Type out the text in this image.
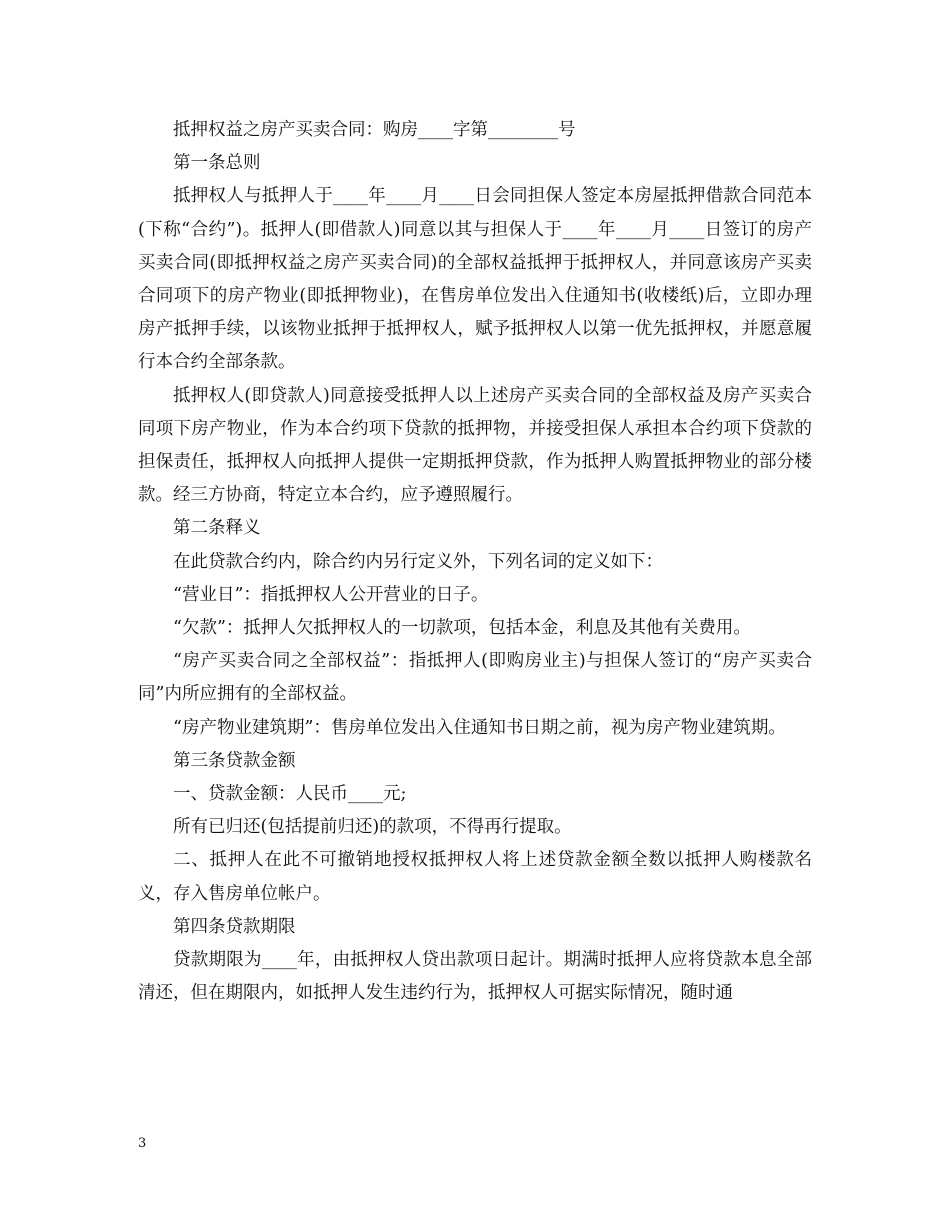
抵押权益之房产买卖合同：购房____字第________号

第一条总则

抵押权人与抵押人于____年____月____日会同担保人签定本房屋抵押借款合同范本(下称“合约”)。抵押人(即借款人)同意以其与担保人于____年____月____日签订的房产买卖合同(即抵押权益之房产买卖合同)的全部权益抵押于抵押权人，并同意该房产买卖合同项下的房产物业(即抵押物业)，在售房单位发出入住通知书(收楼纸)后，立即办理房产抵押手续，以该物业抵押于抵押权人，赋予抵押权人以第一优先抵押权，并愿意履行本合约全部条款。

抵押权人(即贷款人)同意接受抵押人以上述房产买卖合同的全部权益及房产买卖合同项下房产物业，作为本合约项下贷款的抵押物，并接受担保人承担本合约项下贷款的担保责任，抵押权人向抵押人提供一定期抵押贷款，作为抵押人购置抵押物业的部分楼款。经三方协商，特定立本合约，应予遵照履行。

第二条释义

在此贷款合约内，除合约内另行定义外，下列名词的定义如下：

“营业日”：指抵押权人公开营业的日子。

“欠款”：抵押人欠抵押权人的一切款项，包括本金，利息及其他有关费用。

“房产买卖合同之全部权益”：指抵押人(即购房业主)与担保人签订的“房产买卖合同”内所应拥有的全部权益。

“房产物业建筑期”：售房单位发出入住通知书日期之前，视为房产物业建筑期。

第三条贷款金额

一、贷款金额：人民币____元;

所有已归还(包括提前归还)的款项，不得再行提取。

二、抵押人在此不可撤销地授权抵押权人将上述贷款金额全数以抵押人购楼款名义，存入售房单位帐户。

第四条贷款期限

贷款期限为____年，由抵押权人贷出款项日起计。期满时抵押人应将贷款本息全部清还，但在期限内，如抵押人发生违约行为，抵押权人可据实际情况，随时通

3
